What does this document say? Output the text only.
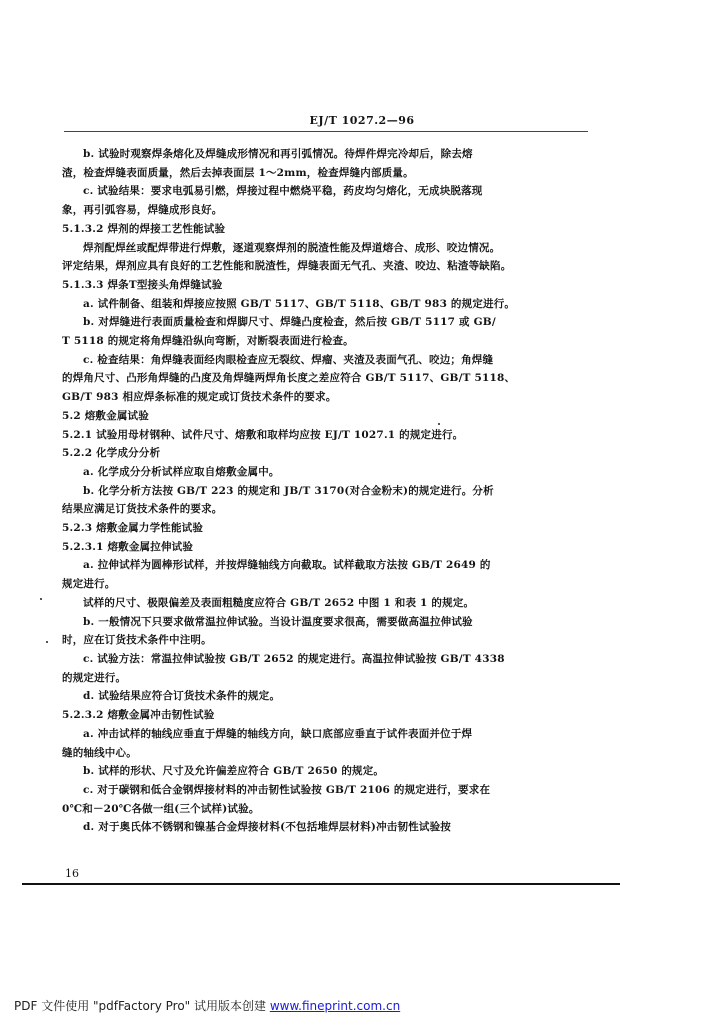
EJ/T 1027.2—96

b. 试验时观察焊条熔化及焊缝成形情况和再引弧情况。待焊件焊完冷却后，除去熔

渣，检查焊缝表面质量，然后去掉表面层 1～2mm，检查焊缝内部质量。

c. 试验结果：要求电弧易引燃，焊接过程中燃烧平稳，药皮均匀熔化，无成块脱落现

象，再引弧容易，焊缝成形良好。

5.1.3.2 焊剂的焊接工艺性能试验

焊剂配焊丝或配焊带进行焊敷，逐道观察焊剂的脱渣性能及焊道熔合、成形、咬边情况。

评定结果，焊剂应具有良好的工艺性能和脱渣性，焊缝表面无气孔、夹渣、咬边、粘渣等缺陷。

5.1.3.3 焊条T型接头角焊缝试验

a. 试件制备、组装和焊接应按照 GB/T 5117、GB/T 5118、GB/T 983 的规定进行。

b. 对焊缝进行表面质量检查和焊脚尺寸、焊缝凸度检查，然后按 GB/T 5117 或 GB/

T 5118 的规定将角焊缝沿纵向弯断，对断裂表面进行检查。

c. 检查结果：角焊缝表面经肉眼检查应无裂纹、焊瘤、夹渣及表面气孔、咬边；角焊缝

的焊角尺寸、凸形角焊缝的凸度及角焊缝两焊角长度之差应符合 GB/T 5117、GB/T 5118、

GB/T 983 相应焊条标准的规定或订货技术条件的要求。

5.2 熔敷金属试验

5.2.1 试验用母材钢种、试件尺寸、熔敷和取样均应按 EJ/T 1027.1 的规定进行。

5.2.2 化学成分分析

a. 化学成分分析试样应取自熔敷金属中。

b. 化学分析方法按 GB/T 223 的规定和 JB/T 3170(对合金粉末)的规定进行。分析

结果应满足订货技术条件的要求。

5.2.3 熔敷金属力学性能试验

5.2.3.1 熔敷金属拉伸试验

a. 拉伸试样为圆棒形试样，并按焊缝轴线方向截取。试样截取方法按 GB/T 2649 的

规定进行。

试样的尺寸、极限偏差及表面粗糙度应符合 GB/T 2652 中图 1 和表 1 的规定。

b. 一般情况下只要求做常温拉伸试验。当设计温度要求很高，需要做高温拉伸试验

时，应在订货技术条件中注明。

c. 试验方法：常温拉伸试验按 GB/T 2652 的规定进行。高温拉伸试验按 GB/T 4338

的规定进行。

d. 试验结果应符合订货技术条件的规定。

5.2.3.2 熔敷金属冲击韧性试验

a. 冲击试样的轴线应垂直于焊缝的轴线方向，缺口底部应垂直于试件表面并位于焊

缝的轴线中心。

b. 试样的形状、尺寸及允许偏差应符合 GB/T 2650 的规定。

c. 对于碳钢和低合金钢焊接材料的冲击韧性试验按 GB/T 2106 的规定进行，要求在

0℃和－20℃各做一组(三个试样)试验。

d. 对于奥氏体不锈钢和镍基合金焊接材料(不包括堆焊层材料)冲击韧性试验按

16
PDF 文件使用 "pdfFactory Pro" 试用版本创建 www.fineprint.com.cn
